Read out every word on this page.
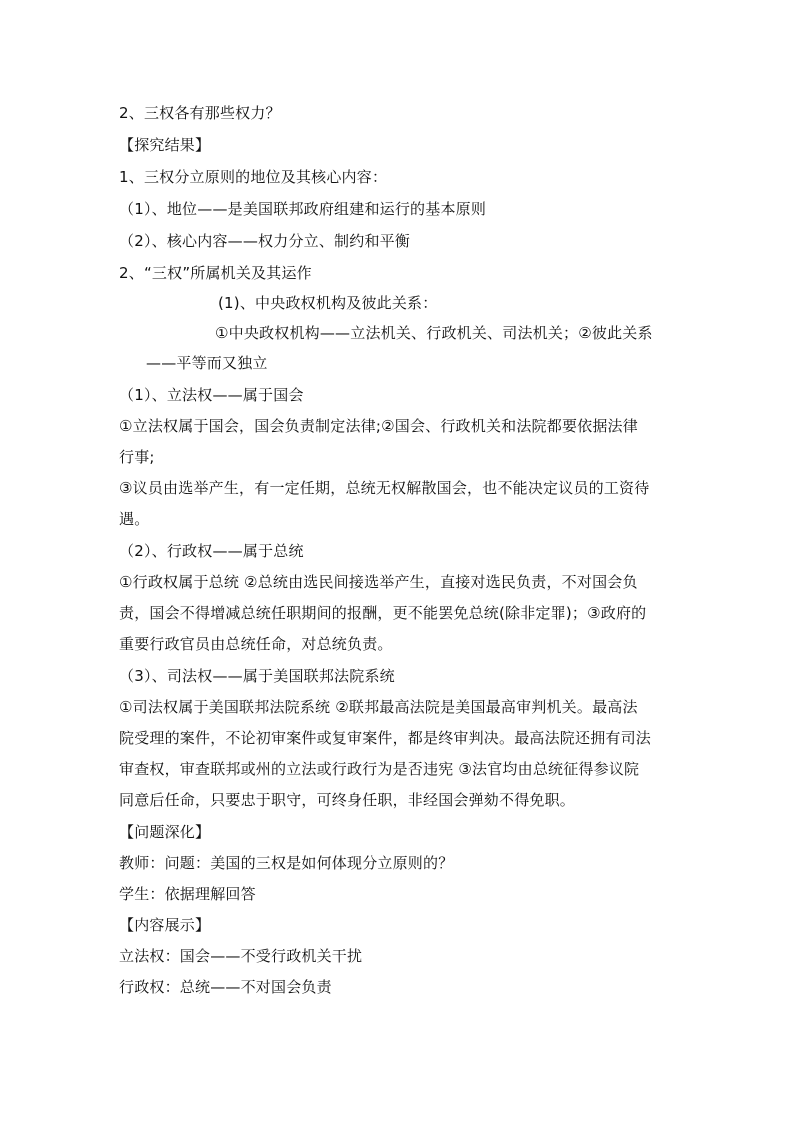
2、三权各有那些权力？
【探究结果】
1、三权分立原则的地位及其核心内容：
（1）、地位——是美国联邦政府组建和运行的基本原则
（2）、核心内容——权力分立、制约和平衡
2、“三权”所属机关及其运作
(1)、中央政权机构及彼此关系：
①中央政权机构——立法机关、行政机关、司法机关；②彼此关系
——平等而又独立
（1）、立法权——属于国会
①立法权属于国会，国会负责制定法律;②国会、行政机关和法院都要依据法律
行事;
③议员由选举产生，有一定任期，总统无权解散国会，也不能决定议员的工资待
遇。
（2）、行政权——属于总统
①行政权属于总统 ②总统由选民间接选举产生，直接对选民负责，不对国会负
责，国会不得增减总统任职期间的报酬，更不能罢免总统(除非定罪)；③政府的
重要行政官员由总统任命，对总统负责。
（3）、司法权——属于美国联邦法院系统
①司法权属于美国联邦法院系统 ②联邦最高法院是美国最高审判机关。最高法
院受理的案件，不论初审案件或复审案件，都是终审判决。最高法院还拥有司法
审查权，审查联邦或州的立法或行政行为是否违宪 ③法官均由总统征得参议院
同意后任命，只要忠于职守，可终身任职，非经国会弹劾不得免职。
【问题深化】
教师：问题：美国的三权是如何体现分立原则的？
学生：依据理解回答
【内容展示】
立法权：国会——不受行政机关干扰
行政权：总统——不对国会负责
